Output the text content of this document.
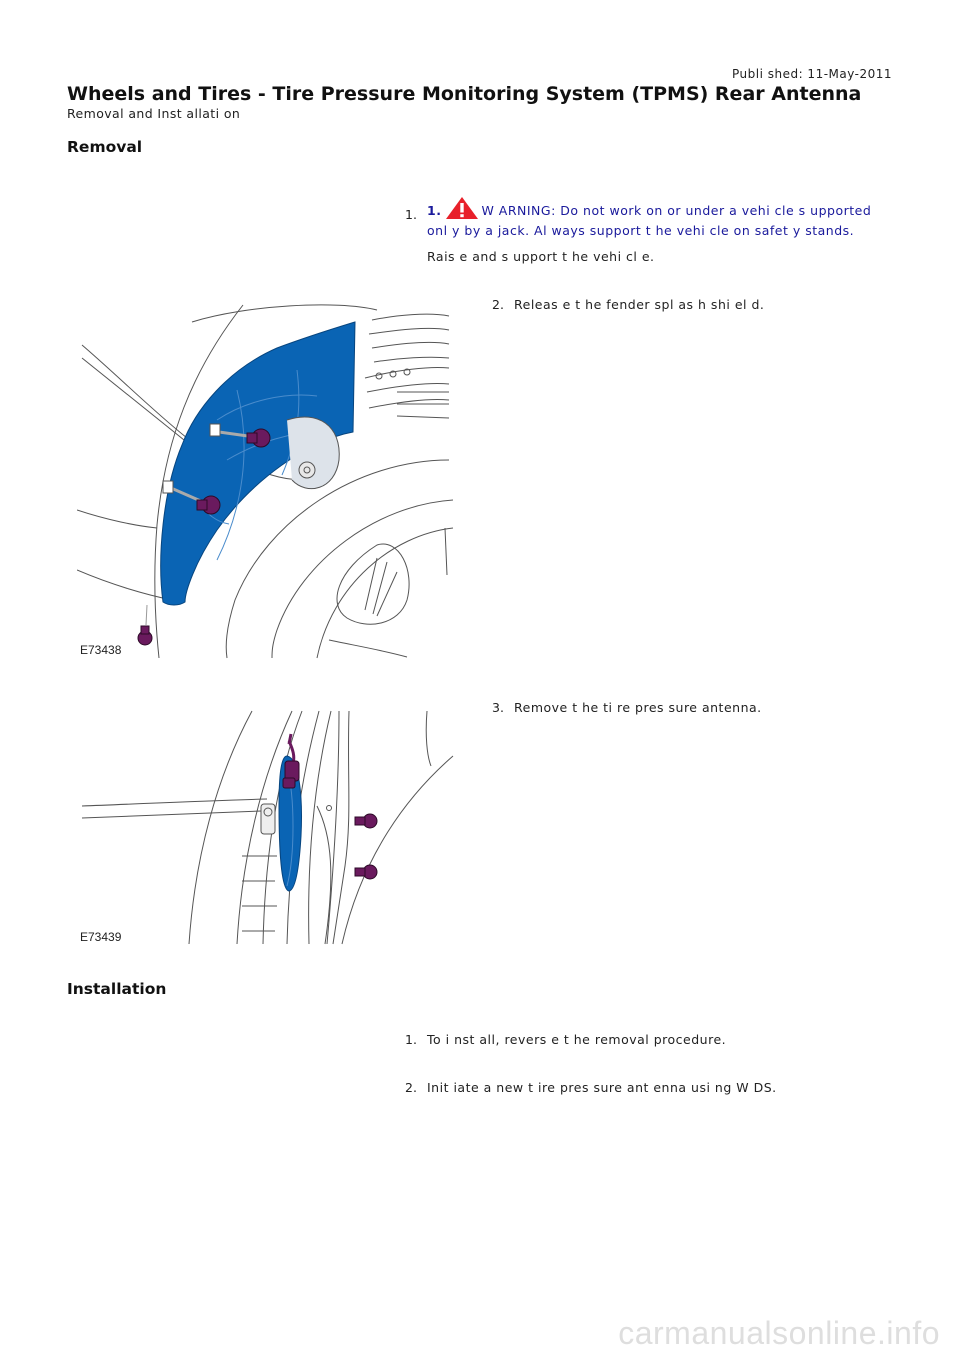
Publi shed: 11-May-2011
Wheels and Tires - Tire Pressure Monitoring System (TPMS) Rear Antenna
Removal and Inst allati on
Removal
1. 1.	W ARNING: Do not work on or under a vehi cle s upported onl y by a jack. Al ways support t he vehi cle on safet y stands.
Rais e and s upport t he vehi cl e.
2. Releas e t he fender spl as h shi el d.
E73438
3. Remove t he ti re pres sure antenna.
E73439
Installation
1. To i nst all, revers e t he removal procedure.
2. Init iate a new t ire pres sure ant enna usi ng W DS.
carmanualsonline.info
